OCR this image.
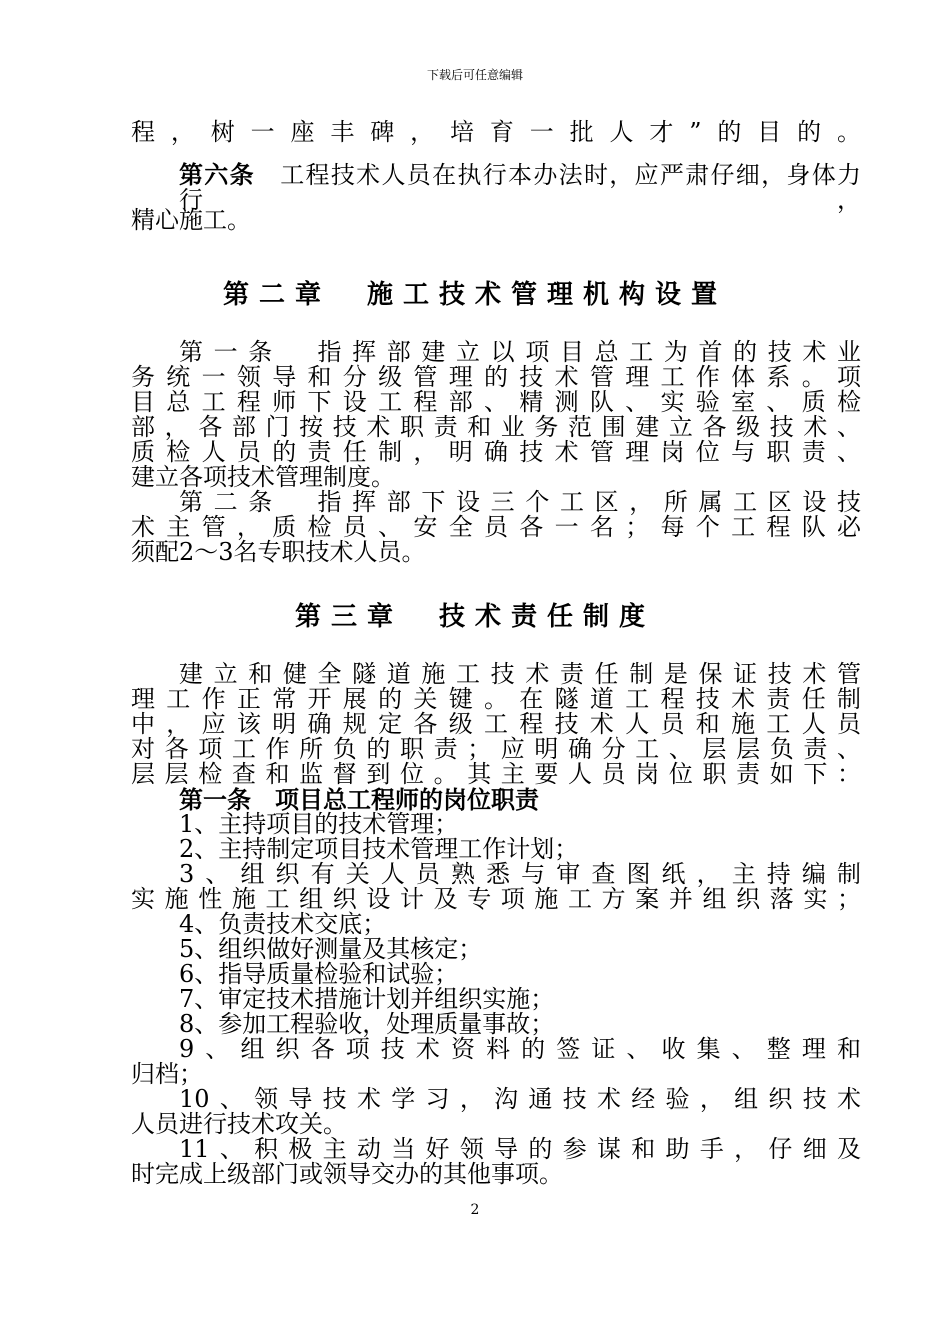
下载后可任意编辑
程，树一座丰碑，培育一批人才”的目的。
第六条　 工程技术人员在执行本办法时，应严肃仔细，身体力行，
精心施工。
第二章　施工技术管理机构设置
第一条　指挥部建立以项目总工为首的技术业
务统一领导和分级管理的技术管理工作体系。项
目总工程师下设工程部、精测队、实验室、质检
部，各部门按技术职责和业务范围建立各级技术、
质检人员的责任制，明确技术管理岗位与职责、
建立各项技术管理制度。
第二条　指挥部下设三个工区，所属工区设技
术主管，质检员、安全员各一名；每个工程队必
须配2～3名专职技术人员。
第三章　技术责任制度
建立和健全隧道施工技术责任制是保证技术管
理工作正常开展的关键。在隧道工程技术责任制
中，应该明确规定各级工程技术人员和施工人员
对各项工作所负的职责；应明确分工、层层负责、
层层检查和监督到位。其主要人员岗位职责如下：
第一条　项目总工程师的岗位职责
1、主持项目的技术管理；
2、主持制定项目技术管理工作计划；
3、组织有关人员熟悉与审查图纸，主持编制
实施性施工组织设计及专项施工方案并组织落实；
4、负责技术交底；
5、组织做好测量及其核定；
6、指导质量检验和试验；
7、审定技术措施计划并组织实施；
8、参加工程验收，处理质量事故；
9、组织各项技术资料的签证、收集、整理和
归档；
10、领导技术学习，沟通技术经验，组织技术
人员进行技术攻关。
11、积极主动当好领导的参谋和助手，仔细及
时完成上级部门或领导交办的其他事项。
2
